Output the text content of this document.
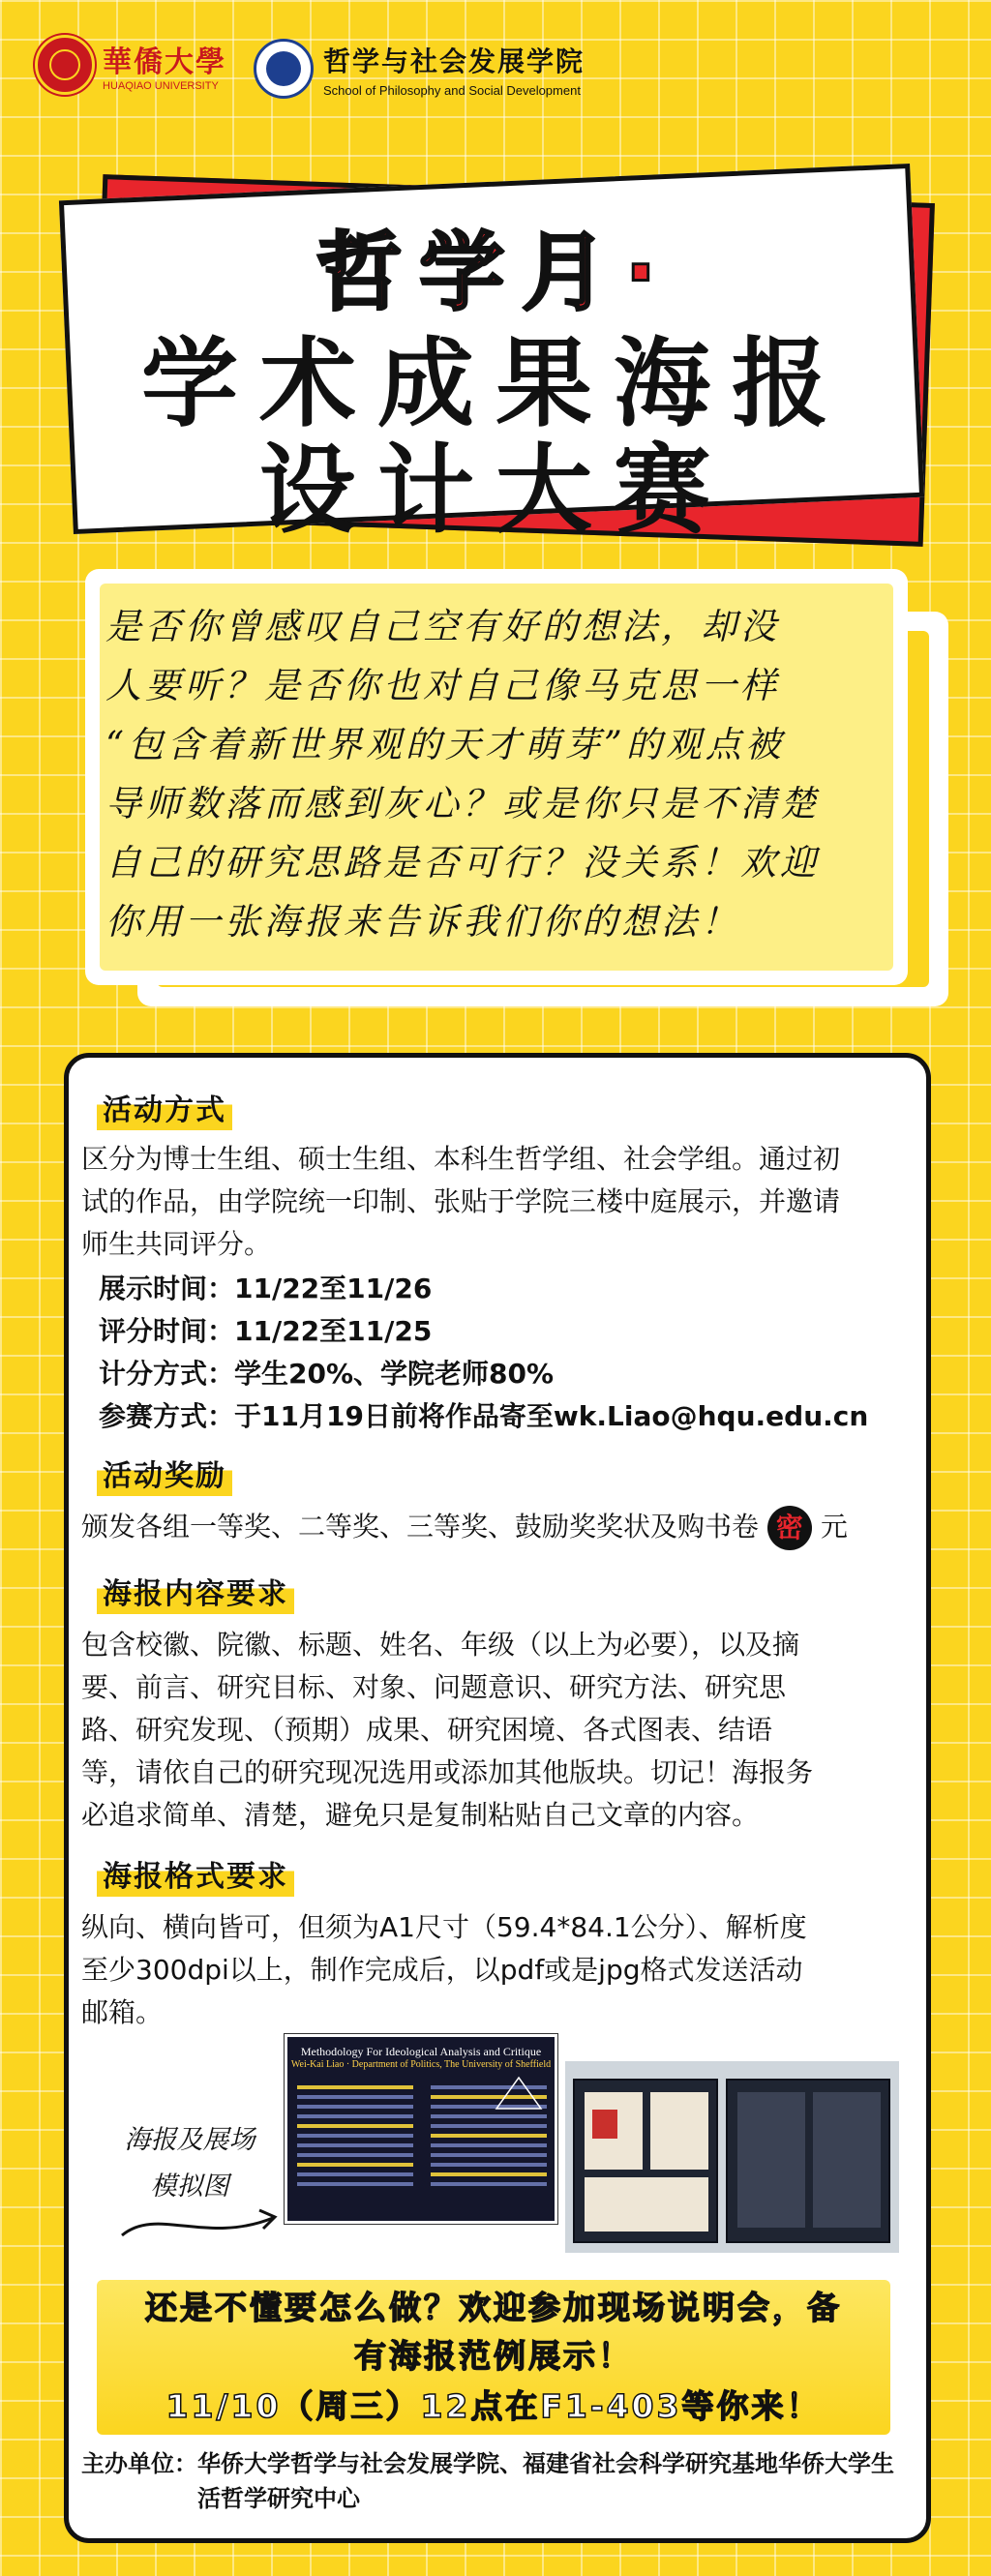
華僑大學
HUAQIAO UNIVERSITY
哲学与社会发展学院
School of Philosophy and Social Development
哲学月·
学术成果海报
设计大赛
是否你曾感叹自己空有好的想法，却没
人要听？是否你也对自己像马克思一样
“包含着新世界观的天才萌芽”的观点被
导师数落而感到灰心？或是你只是不清楚
自己的研究思路是否可行？没关系！欢迎
你用一张海报来告诉我们你的想法！
活动方式
区分为博士生组、硕士生组、本科生哲学组、社会学组。通过初
试的作品，由学院统一印制、张贴于学院三楼中庭展示，并邀请
师生共同评分。
展示时间：11/22至11/26
评分时间：11/22至11/25
计分方式：学生20%、学院老师80%
参赛方式：于11月19日前将作品寄至wk.Liao@hqu.edu.cn
活动奖励
颁发各组一等奖、二等奖、三等奖、鼓励奖奖状及购书卷 密 元
海报内容要求
包含校徽、院徽、标题、姓名、年级（以上为必要），以及摘
要、前言、研究目标、对象、问题意识、研究方法、研究思
路、研究发现、（预期）成果、研究困境、各式图表、结语
等，请依自己的研究现况选用或添加其他版块。切记！海报务
必追求简单、清楚，避免只是复制粘贴自己文章的内容。
海报格式要求
纵向、横向皆可，但须为A1尺寸（59.4*84.1公分）、解析度
至少300dpi以上，制作完成后，以pdf或是jpg格式发送活动
邮箱。
海报及展场
模拟图
Methodology For Ideological Analysis and Critique
Wei-Kai Liao · Department of Politics, The University of Sheffield
还是不懂要怎么做？欢迎参加现场说明会，备
有海报范例展示！
11/10（周三）12点在F1-403等你来！
主办单位： 华侨大学哲学与社会发展学院、福建省社会科学研究基地华侨大学生活哲学研究中心
